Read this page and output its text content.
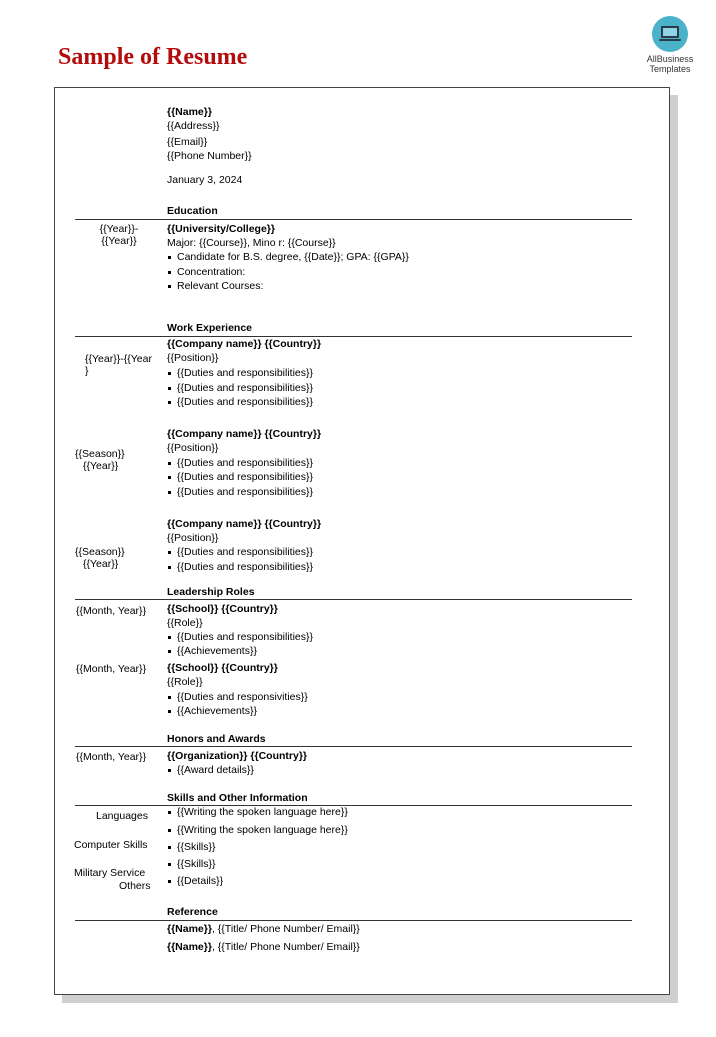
Sample of Resume	AllBusiness
Templates
{{Name}}
{{Address}}
{{Email}}
{{Phone Number}}
January 3, 2024
Education
{{Year}}-
{{Year}}
{{University/College}}
Major: {{Course}}, Mino r: {{Course}}
Candidate for B.S. degree, {{Date}}; GPA: {{GPA}}
Concentration:
Relevant Courses:
Work Experience
{{Year}}-{{Year
}
{{Company name}} {{Country}}
{{Position}}
{{Duties and responsibilities}}
{{Duties and responsibilities}}
{{Duties and responsibilities}}
{{Season}}
{{Year}}
{{Company name}} {{Country}}
{{Position}}
{{Duties and responsibilities}}
{{Duties and responsibilities}}
{{Duties and responsibilities}}
{{Season}}
{{Year}}
{{Company name}} {{Country}}
{{Position}}
{{Duties and responsibilities}}
{{Duties and responsibilities}}
Leadership Roles
{{Month, Year}} {{School}} {{Country}}
{{Role}}
{{Duties and responsibilities}}
{{Achievements}}
{{Month, Year}} {{School}} {{Country}}
{{Role}}
{{Duties and responsivities}}
{{Achievements}}
Honors and Awards
{{Month, Year}} {{Organization}} {{Country}}
{{Award details}}
Skills and Other Information
Languages
Computer Skills
Military Service
Others
{{Writing the spoken language here}}
{{Writing the spoken language here}}
{{Skills}}
{{Skills}}
{{Details}}
Reference
{{Name}}, {{Title/ Phone Number/ Email}}
{{Name}}, {{Title/ Phone Number/ Email}}
